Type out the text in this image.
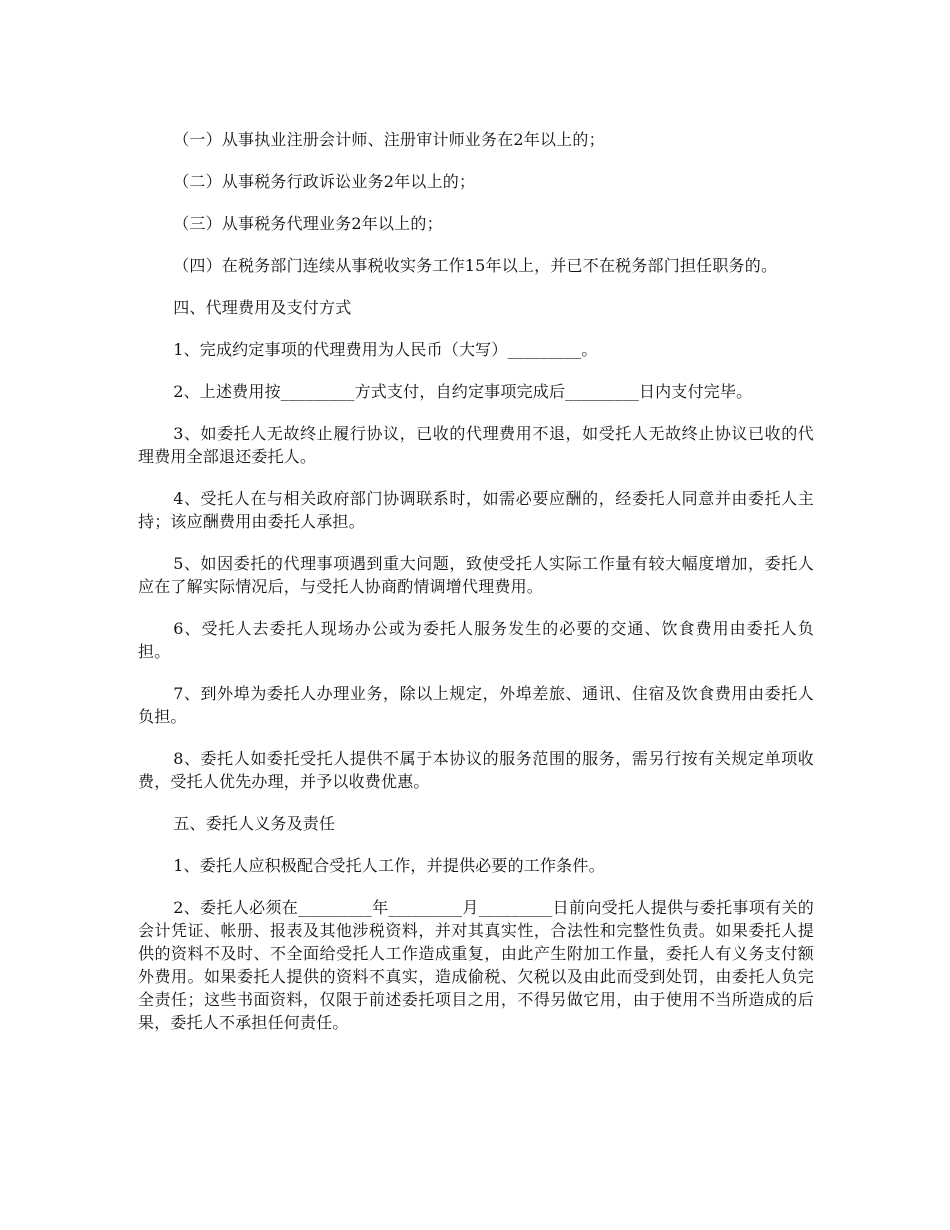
（一）从事执业注册会计师、注册审计师业务在2年以上的；

（二）从事税务行政诉讼业务2年以上的；

（三）从事税务代理业务2年以上的；

（四）在税务部门连续从事税收实务工作15年以上，并已不在税务部门担任职务的。

四、代理费用及支付方式

1、完成约定事项的代理费用为人民币（大写）_________。

2、上述费用按_________方式支付，自约定事项完成后_________日内支付完毕。

3、如委托人无故终止履行协议，已收的代理费用不退，如受托人无故终止协议已收的代理费用全部退还委托人。

4、受托人在与相关政府部门协调联系时，如需必要应酬的，经委托人同意并由委托人主持；该应酬费用由委托人承担。

5、如因委托的代理事项遇到重大问题，致使受托人实际工作量有较大幅度增加，委托人应在了解实际情况后，与受托人协商酌情调增代理费用。

6、受托人去委托人现场办公或为委托人服务发生的必要的交通、饮食费用由委托人负担。

7、到外埠为委托人办理业务，除以上规定，外埠差旅、通讯、住宿及饮食费用由委托人负担。

8、委托人如委托受托人提供不属于本协议的服务范围的服务，需另行按有关规定单项收费，受托人优先办理，并予以收费优惠。

五、委托人义务及责任

1、委托人应积极配合受托人工作，并提供必要的工作条件。

2、委托人必须在_________年_________月_________日前向受托人提供与委托事项有关的会计凭证、帐册、报表及其他涉税资料，并对其真实性，合法性和完整性负责。如果委托人提供的资料不及时、不全面给受托人工作造成重复，由此产生附加工作量，委托人有义务支付额外费用。如果委托人提供的资料不真实，造成偷税、欠税以及由此而受到处罚，由委托人负完全责任；这些书面资料，仅限于前述委托项目之用，不得另做它用，由于使用不当所造成的后果，委托人不承担任何责任。
